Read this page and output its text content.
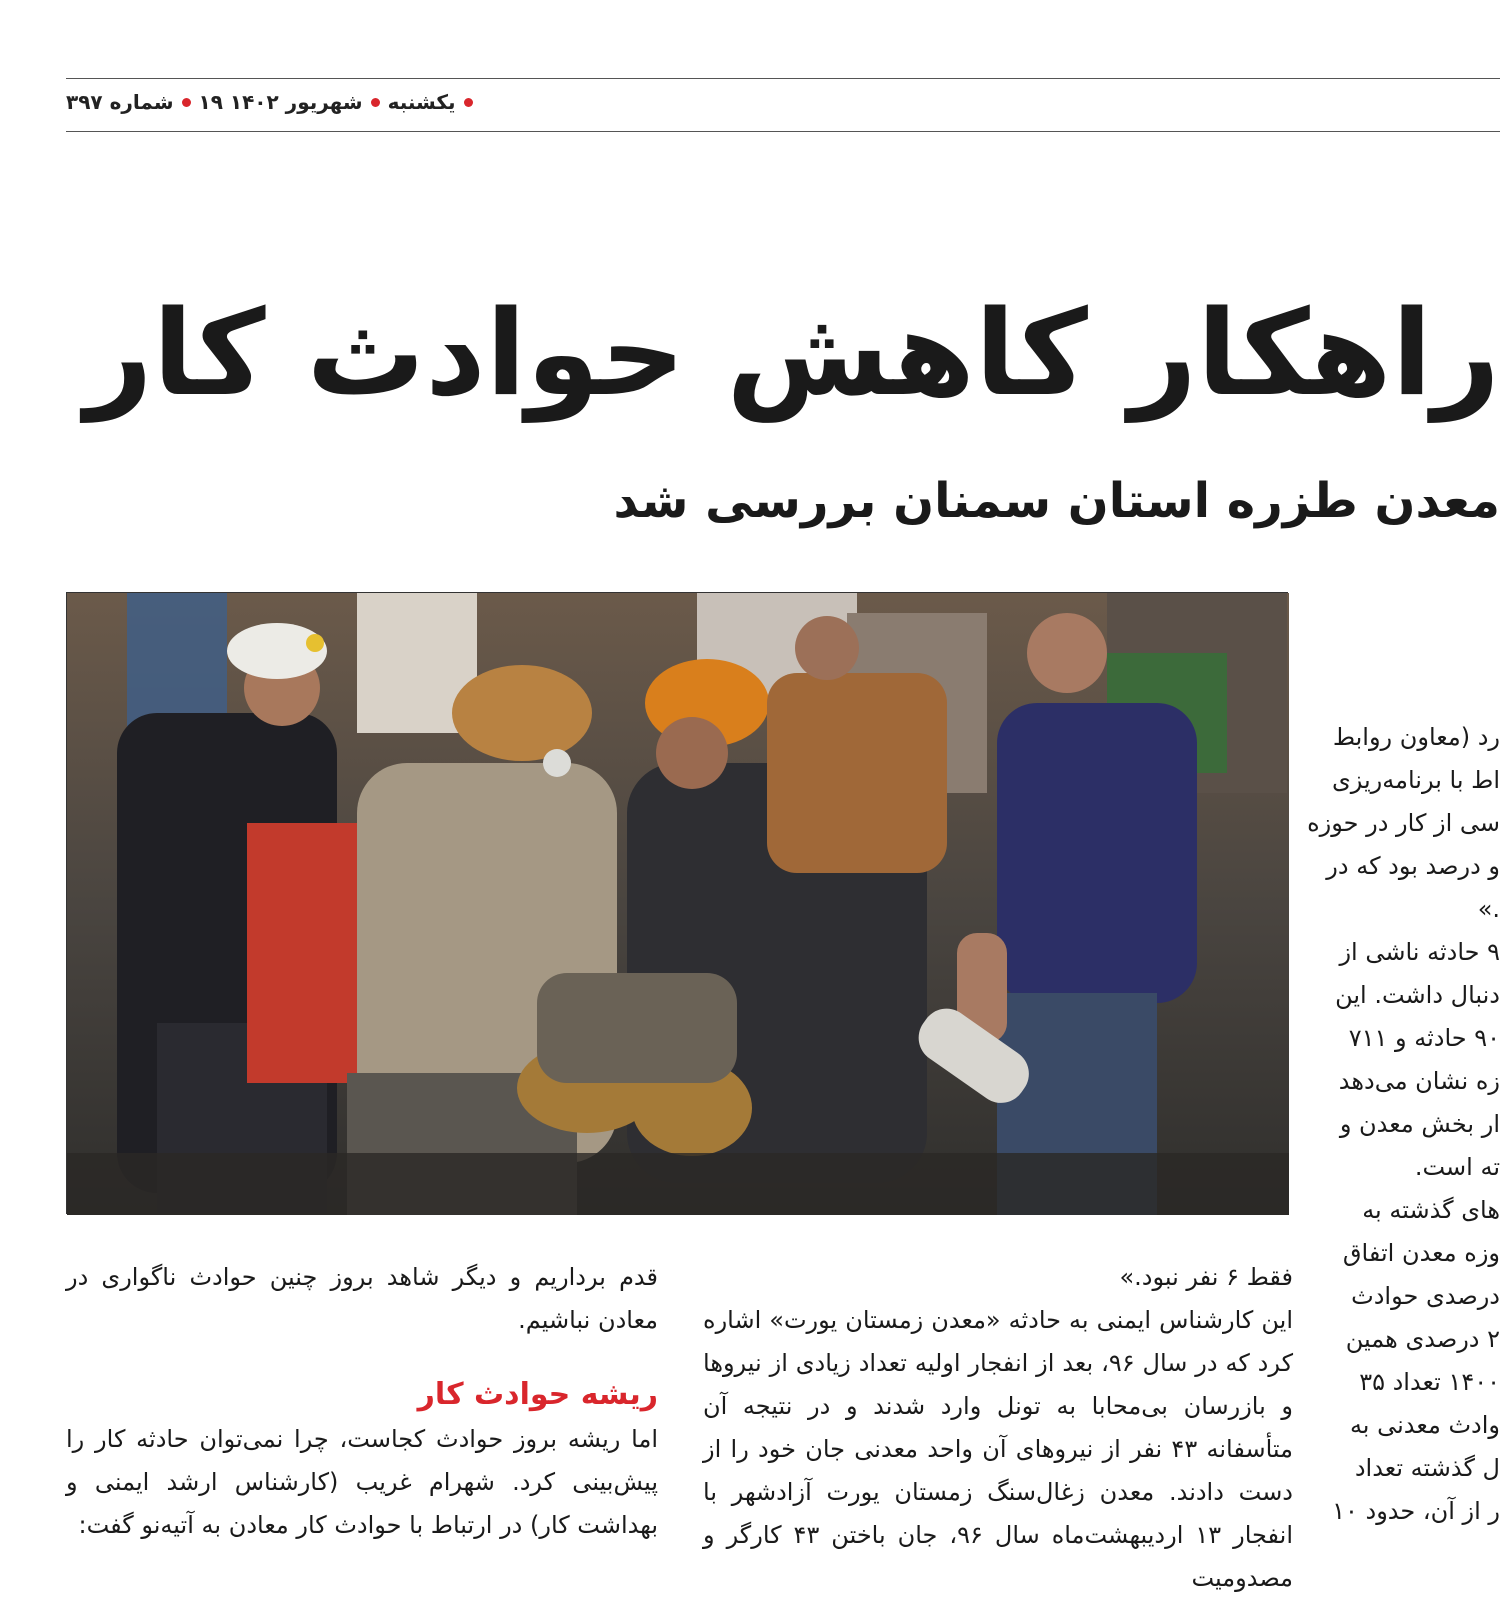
شماره ۳۹۷ ۱۹ شهریور ۱۴۰۲ یکشنبه
راهکار کاهش حوادث کار
معدن طزره استان سمنان بررسی شد
رد (معاون روابط
اط با برنامه‌ریزی
سی از کار در حوزه
و درصد بود که در
.»
۹ حادثه ناشی از
دنبال داشت. این
۹۰ حادثه و ۷۱۱
زه نشان می‌دهد
ار بخش معدن و
ته است.
های گذشته به
وزه معدن اتفاق
درصدی حوادث
۲ درصدی همین
۱۴۰۰ تعداد ۳۵
وادث معدنی به
ل گذشته تعداد
ر از آن، حدود ۱۰

فقط ۶ نفر نبود.»

این کارشناس ایمنی به حادثه «معدن زمستان یورت» اشاره کرد که در سال ۹۶، بعد از انفجار اولیه تعداد زیادی از نیروها و بازرسان بی‌محابا به تونل وارد شدند و در نتیجه آن متأسفانه ۴۳ نفر از نیروهای آن واحد معدنی جان خود را از دست دادند. معدن زغال‌سنگ زمستان یورت آزادشهر با انفجار ۱۳ اردیبهشت‌ماه سال ۹۶، جان باختن ۴۳ کارگر و مصدومیت

قدم برداریم و دیگر شاهد بروز چنین حوادث ناگواری در معادن نباشیم.

ریشه حوادث کار

اما ریشه بروز حوادث کجاست، چرا نمی‌توان حادثه کار را پیش‌بینی کرد. شهرام غریب (کارشناس ارشد ایمنی و بهداشت کار) در ارتباط با حوادث کار معادن به آتیه‌نو گفت:
